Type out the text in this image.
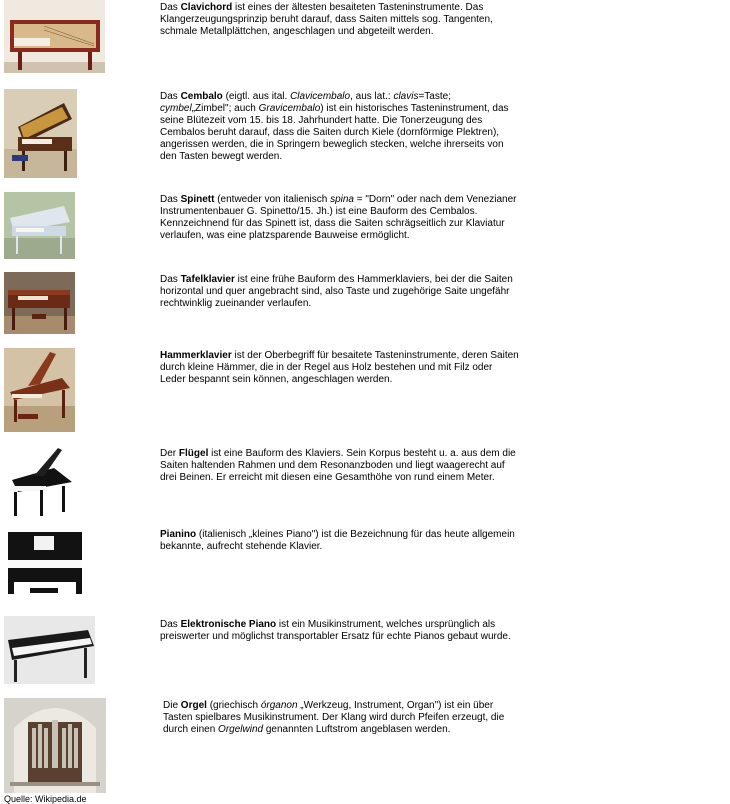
Das Clavichord ist eines der ältesten besaiteten Tasteninstrumente. Das Klangerzeugungsprinzip beruht darauf, dass Saiten mittels sog. Tangenten, schmale Metallplättchen, angeschlagen und abgeteilt werden.
Das Cembalo (eigtl. aus ital. Clavicembalo, aus lat.: clavis=Taste; cymbel„Zimbel"; auch Gravicembalo) ist ein historisches Tasteninstrument, das seine Blütezeit vom 15. bis 18. Jahrhundert hatte. Die Tonerzeugung des Cembalos beruht darauf, dass die Saiten durch Kiele (dornförmige Plektren), angerissen werden, die in Springern beweglich stecken, welche ihrerseits von den Tasten bewegt werden.
Das Spinett (entweder von italienisch spina = "Dorn" oder nach dem Venezianer Instrumentenbauer G. Spinetto/15. Jh.) ist eine Bauform des Cembalos. Kennzeichnend für das Spinett ist, dass die Saiten schrägseitlich zur Klaviatur verlaufen, was eine platzsparende Bauweise ermöglicht.
Das Tafelklavier ist eine frühe Bauform des Hammerklaviers, bei der die Saiten horizontal und quer angebracht sind, also Taste und zugehörige Saite ungefähr rechtwinklig zueinander verlaufen.
Hammerklavier ist der Oberbegriff für besaitete Tasteninstrumente, deren Saiten durch kleine Hämmer, die in der Regel aus Holz bestehen und mit Filz oder Leder bespannt sein können, angeschlagen werden.
Der Flügel ist eine Bauform des Klaviers. Sein Korpus besteht u. a. aus dem die Saiten haltenden Rahmen und dem Resonanzboden und liegt waagerecht auf drei Beinen. Er erreicht mit diesen eine Gesamthöhe von rund einem Meter.
Pianino (italienisch „kleines Piano") ist die Bezeichnung für das heute allgemein bekannte, aufrecht stehende Klavier.
Das Elektronische Piano ist ein Musikinstrument, welches ursprünglich als preiswerter und möglichst transportabler Ersatz für echte Pianos gebaut wurde.
Die Orgel (griechisch órganon „Werkzeug, Instrument, Organ") ist ein über Tasten spielbares Musikinstrument. Der Klang wird durch Pfeifen erzeugt, die durch einen Orgelwind genannten Luftstrom angeblasen werden.
Quelle: Wikipedia.de
